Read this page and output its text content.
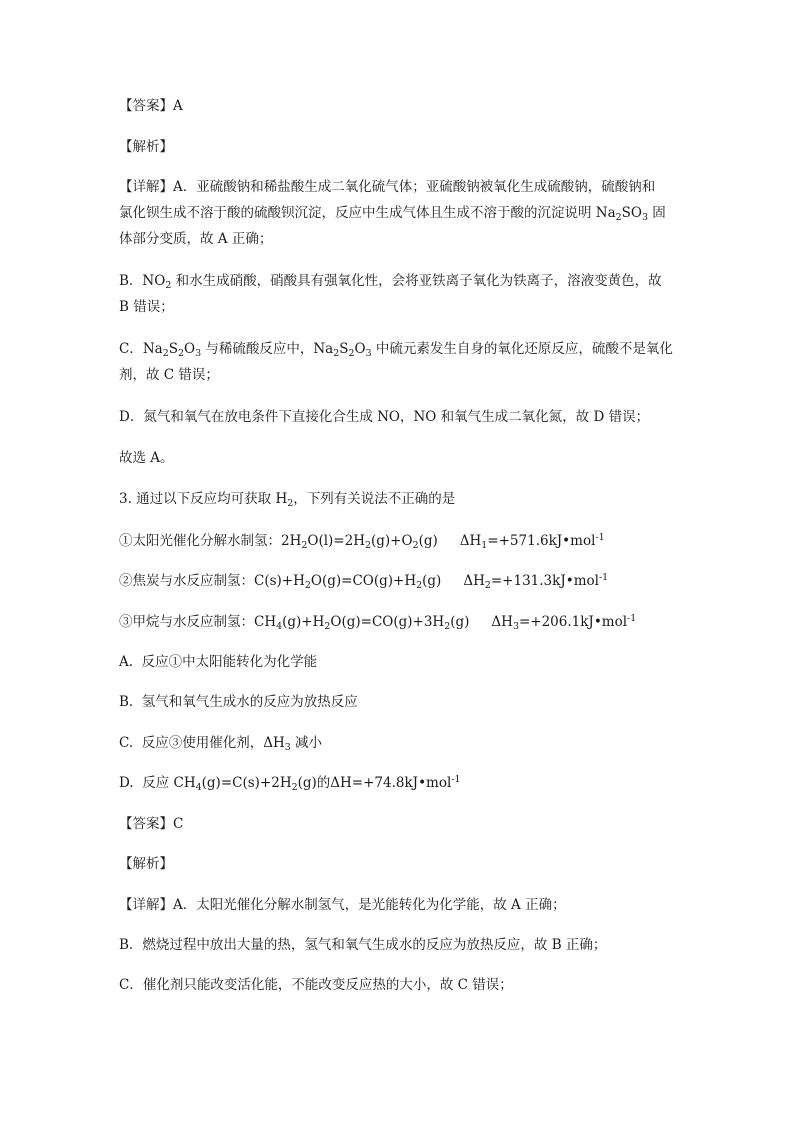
【答案】A
【解析】
【详解】A．亚硫酸钠和稀盐酸生成二氧化硫气体；亚硫酸钠被氧化生成硫酸钠，硫酸钠和
氯化钡生成不溶于酸的硫酸钡沉淀，反应中生成气体且生成不溶于酸的沉淀说明 $Na_2SO_3$ 固
体部分变质，故 A 正确；
B．$NO_2$ 和水生成硝酸，硝酸具有强氧化性，会将亚铁离子氧化为铁离子，溶液变黄色，故
B 错误；
C．$Na_2S_2O_3$ 与稀硫酸反应中，$Na_2S_2O_3$ 中硫元素发生自身的氧化还原反应，硫酸不是氧化
剂，故 C 错误；
D．氮气和氧气在放电条件下直接化合生成 NO，NO 和氧气生成二氧化氮，故 D 错误；
故选 A。
3. 通过以下反应均可获取 $H_2$，下列有关说法不正确的是
①太阳光催化分解水制氢：$2H_2O(l)=2H_2(g)+O_2(g)$ $\Delta H_1=+571.6kJ•mol^{-1}$
②焦炭与水反应制氢：$C(s)+H_2O(g)=CO(g)+H_2(g)$ $\Delta H_2=+131.3kJ•mol^{-1}$
③甲烷与水反应制氢：$CH_4(g)+H_2O(g)=CO(g)+3H_2(g)$ $\Delta H_3=+206.1kJ•mol^{-1}$
A.  反应①中太阳能转化为化学能
B.  氢气和氧气生成水的反应为放热反应
C.  反应③使用催化剂，$\Delta H_3$ 减小
D.  反应 $CH_4(g)=C(s)+2H_2(g)$的ΔH=+74.8kJ•mol$^{-1}$
【答案】C
【解析】
【详解】A．太阳光催化分解水制氢气，是光能转化为化学能，故 A 正确；
B．燃烧过程中放出大量的热，氢气和氧气生成水的反应为放热反应，故 B 正确；
C．催化剂只能改变活化能，不能改变反应热的大小，故 C 错误；
